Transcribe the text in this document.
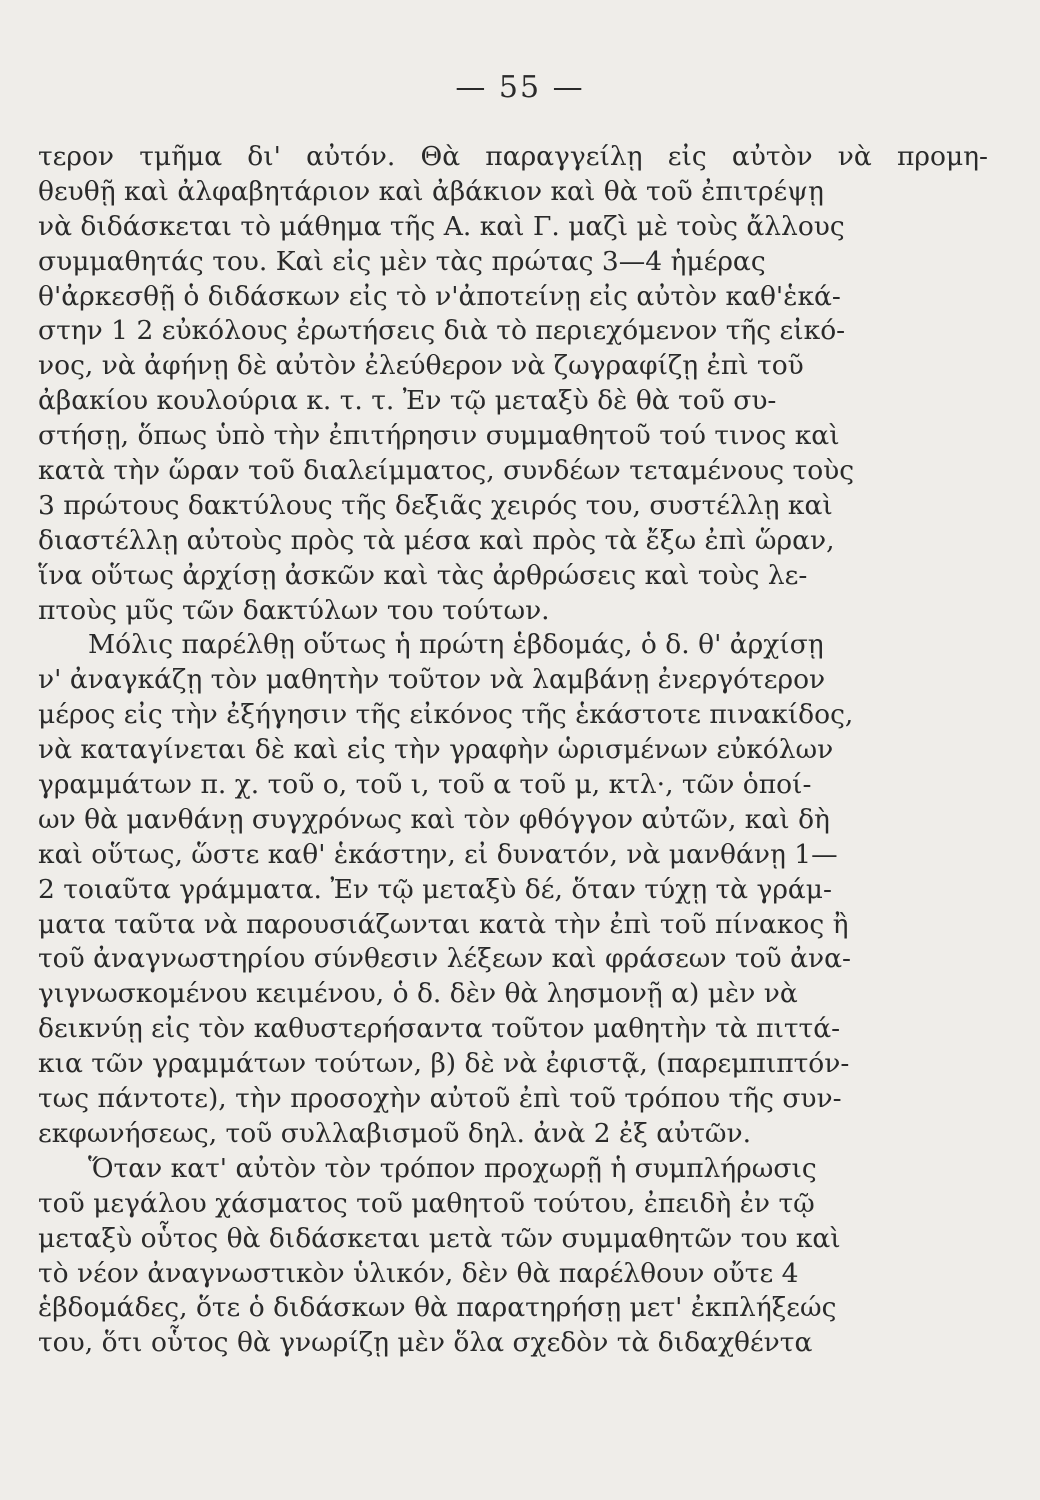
— 55 —
τερον τμῆμα δι' αὐτόν. Θὰ παραγγείλῃ εἰς αὐτὸν νὰ προμη-
θευθῇ καὶ ἀλφαβητάριον καὶ ἀβάκιον καὶ θὰ τοῦ ἐπιτρέψῃ
νὰ διδάσκεται τὸ μάθημα τῆς Α. καὶ Γ. μαζὶ μὲ τοὺς ἄλλους
συμμαθητάς του. Καὶ εἰς μὲν τὰς πρώτας 3—4 ἡμέρας
θ'ἀρκεσθῇ ὁ διδάσκων εἰς τὸ ν'ἀποτείνῃ εἰς αὐτὸν καθ'ἑκά-
στην 1 2 εὐκόλους ἐρωτήσεις διὰ τὸ περιεχόμενον τῆς εἰκό-
νος, νὰ ἀφήνῃ δὲ αὐτὸν ἐλεύθερον νὰ ζωγραφίζῃ ἐπὶ τοῦ
ἀβακίου κουλούρια κ. τ. τ. Ἐν τῷ μεταξὺ δὲ θὰ τοῦ συ-
στήσῃ, ὅπως ὑπὸ τὴν ἐπιτήρησιν συμμαθητοῦ τού τινος καὶ
κατὰ τὴν ὥραν τοῦ διαλείμματος, συνδέων τεταμένους τοὺς
3 πρώτους δακτύλους τῆς δεξιᾶς χειρός του, συστέλλῃ καὶ
διαστέλλῃ αὐτοὺς πρὸς τὰ μέσα καὶ πρὸς τὰ ἔξω ἐπὶ ὥραν,
ἵνα οὕτως ἀρχίσῃ ἀσκῶν καὶ τὰς ἀρθρώσεις καὶ τοὺς λε-
πτοὺς μῦς τῶν δακτύλων του τούτων.
Μόλις παρέλθῃ οὕτως ἡ πρώτη ἑβδομάς, ὁ δ. θ' ἀρχίσῃ
ν' ἀναγκάζῃ τὸν μαθητὴν τοῦτον νὰ λαμβάνῃ ἐνεργότερον
μέρος εἰς τὴν ἐξήγησιν τῆς εἰκόνος τῆς ἑκάστοτε πινακίδος,
νὰ καταγίνεται δὲ καὶ εἰς τὴν γραφὴν ὡρισμένων εὐκόλων
γραμμάτων π. χ. τοῦ ο, τοῦ ι, τοῦ α τοῦ μ, κτλ·, τῶν ὁποί-
ων θὰ μανθάνῃ συγχρόνως καὶ τὸν φθόγγον αὐτῶν, καὶ δὴ
καὶ οὕτως, ὥστε καθ' ἑκάστην, εἰ δυνατόν, νὰ μανθάνῃ 1—
2 τοιαῦτα γράμματα. Ἐν τῷ μεταξὺ δέ, ὅταν τύχῃ τὰ γράμ-
ματα ταῦτα νὰ παρουσιάζωνται κατὰ τὴν ἐπὶ τοῦ πίνακος ἢ
τοῦ ἀναγνωστηρίου σύνθεσιν λέξεων καὶ φράσεων τοῦ ἀνα-
γιγνωσκομένου κειμένου, ὁ δ. δὲν θὰ λησμονῇ α) μὲν νὰ
δεικνύῃ εἰς τὸν καθυστερήσαντα τοῦτον μαθητὴν τὰ πιττά-
κια τῶν γραμμάτων τούτων, β) δὲ νὰ ἐφιστᾷ, (παρεμπιπτόν-
τως πάντοτε), τὴν προσοχὴν αὐτοῦ ἐπὶ τοῦ τρόπου τῆς συν-
εκφωνήσεως, τοῦ συλλαβισμοῦ δηλ. ἀνὰ 2 ἐξ αὐτῶν.
Ὅταν κατ' αὐτὸν τὸν τρόπον προχωρῇ ἡ συμπλήρωσις
τοῦ μεγάλου χάσματος τοῦ μαθητοῦ τούτου, ἐπειδὴ ἐν τῷ
μεταξὺ οὗτος θὰ διδάσκεται μετὰ τῶν συμμαθητῶν του καὶ
τὸ νέον ἀναγνωστικὸν ὑλικόν, δὲν θὰ παρέλθουν οὔτε 4
ἑβδομάδες, ὅτε ὁ διδάσκων θὰ παρατηρήσῃ μετ' ἐκπλήξεώς
του, ὅτι οὗτος θὰ γνωρίζῃ μὲν ὅλα σχεδὸν τὰ διδαχθέντα
